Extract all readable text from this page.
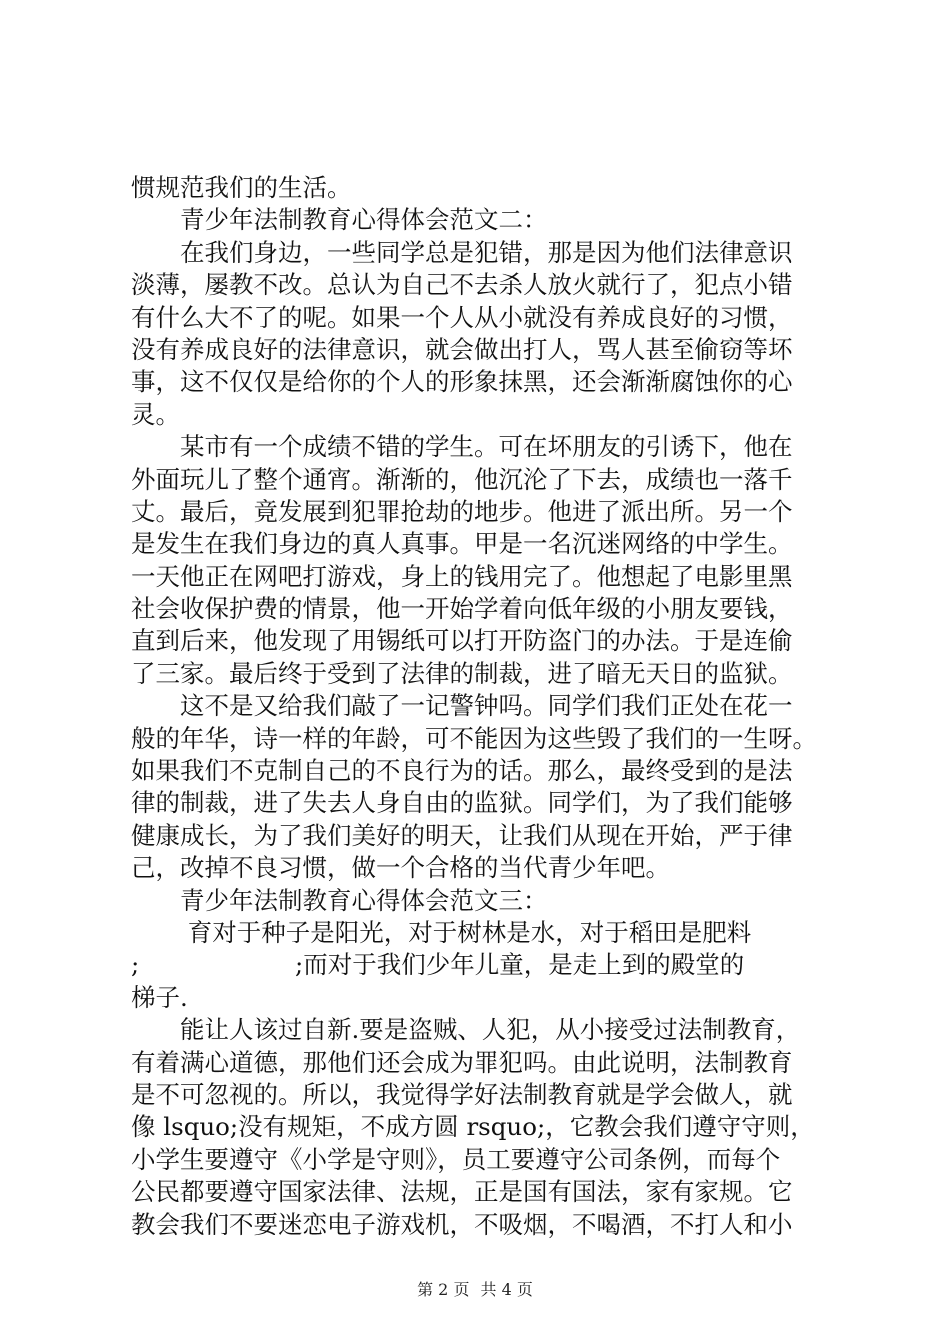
惯规范我们的生活。
　　青少年法制教育心得体会范文二：
　　在我们身边，一些同学总是犯错，那是因为他们法律意识
淡薄，屡教不改。总认为自己不去杀人放火就行了，犯点小错
有什么大不了的呢。如果一个人从小就没有养成良好的习惯，
没有养成良好的法律意识，就会做出打人，骂人甚至偷窃等坏
事，这不仅仅是给你的个人的形象抹黑，还会渐渐腐蚀你的心
灵。
　　某市有一个成绩不错的学生。可在坏朋友的引诱下，他在
外面玩儿了整个通宵。渐渐的，他沉沦了下去，成绩也一落千
丈。最后，竟发展到犯罪抢劫的地步。他进了派出所。另一个
是发生在我们身边的真人真事。甲是一名沉迷网络的中学生。
一天他正在网吧打游戏，身上的钱用完了。他想起了电影里黑
社会收保护费的情景，他一开始学着向低年级的小朋友要钱，
直到后来，他发现了用锡纸可以打开防盗门的办法。于是连偷
了三家。最后终于受到了法律的制裁，进了暗无天日的监狱。
　　这不是又给我们敲了一记警钟吗。同学们我们正处在花一
般的年华，诗一样的年龄，可不能因为这些毁了我们的一生呀。
如果我们不克制自己的不良行为的话。那么，最终受到的是法
律的制裁，进了失去人身自由的监狱。同学们，为了我们能够
健康成长，为了我们美好的明天，让我们从现在开始，严于律
己，改掉不良习惯，做一个合格的当代青少年吧。
　　青少年法制教育心得体会范文三：
　　 育对于种子是阳光，对于树林是水，对于稻田是肥料
;                    ;而对于我们少年儿童，是走上到的殿堂的
梯子.
　　能让人该过自新.要是盗贼、人犯，从小接受过法制教育，
有着满心道德，那他们还会成为罪犯吗。由此说明，法制教育
是不可忽视的。所以，我觉得学好法制教育就是学会做人，就
像 lsquo;没有规矩，不成方圆 rsquo;，它教会我们遵守守则，
小学生要遵守《小学是守则》，员工要遵守公司条例，而每个
公民都要遵守国家法律、法规，正是国有国法，家有家规。它
教会我们不要迷恋电子游戏机，不吸烟，不喝酒，不打人和小
第 2 页 共 4 页
